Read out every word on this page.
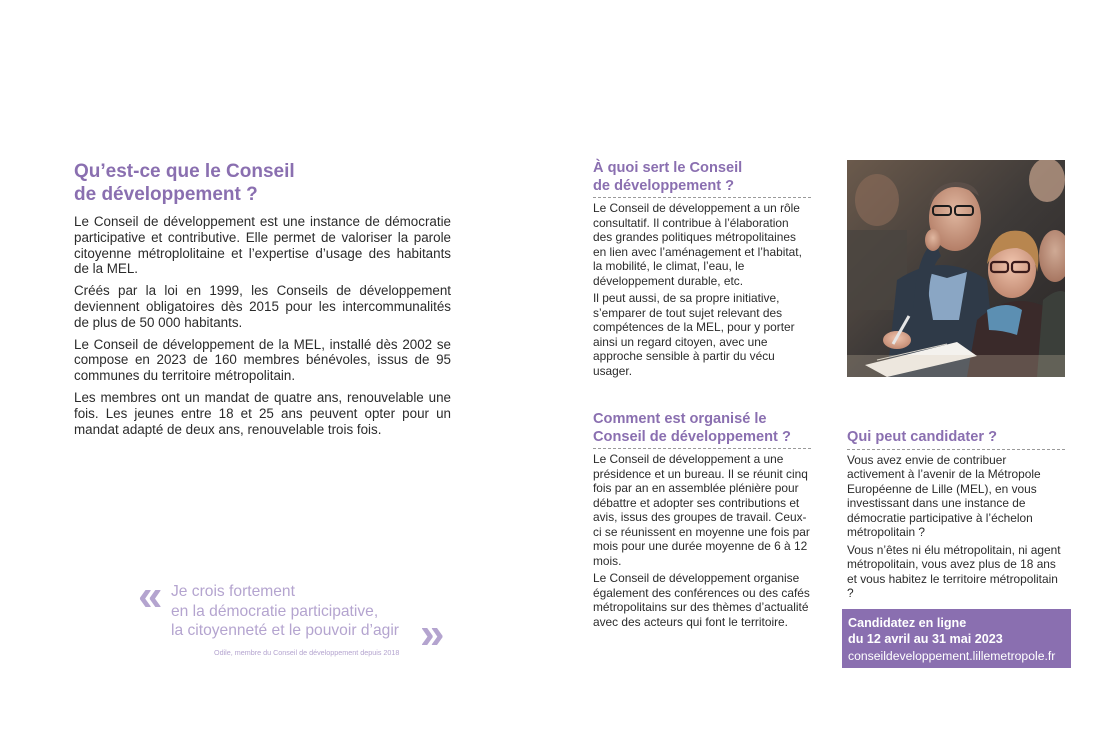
Qu’est-ce que le Conseil
de développement ?

Le Conseil de développement est une instance de démocratie participative et contributive. Elle permet de valoriser la parole citoyenne métroplolitaine et l’expertise d’usage des habitants de la MEL.

Créés par la loi en 1999, les Conseils de développement deviennent obligatoires dès 2015 pour les intercommunalités de plus de 50 000 habitants.

Le Conseil de développement de la MEL, installé dès 2002 se compose en 2023 de 160 membres bénévoles, issus de 95 communes du territoire métropolitain.

Les membres ont un mandat de quatre ans, renouvelable une fois. Les jeunes entre 18 et 25 ans peuvent opter pour un mandat adapté de deux ans, renouvelable trois fois.

« Je crois fortement
en la démocratie participative,
la citoyenneté et le pouvoir d’agir »
Odile, membre du Conseil de développement depuis 2018
À quoi sert le Conseil
de développement ?

Le Conseil de développement a un rôle consultatif. Il contribue à l’élaboration des grandes politiques métropolitaines en lien avec l’aménagement et l’habitat, la mobilité, le climat, l’eau, le développement durable, etc.

Il peut aussi, de sa propre initiative, s’emparer de tout sujet relevant des compétences de la MEL, pour y porter ainsi un regard citoyen, avec une approche sensible à partir du vécu usager.

Comment est organisé le
Conseil de développement ?

Le Conseil de développement a une présidence et un bureau. Il se réunit cinq fois par an en assemblée plénière pour débattre et adopter ses contributions et avis, issus des groupes de travail. Ceux-ci se réunissent en moyenne une fois par mois pour une durée moyenne de 6 à 12 mois.

Le Conseil de développement organise également des conférences ou des cafés métropolitains sur des thèmes d’actualité avec des acteurs qui font le territoire.

Qui peut candidater ?

Vous avez envie de contribuer activement à l’avenir de la Métropole Européenne de Lille (MEL), en vous investissant dans une instance de démocratie participative à l’échelon métropolitain ?

Vous n’êtes ni élu métropolitain, ni agent métropolitain, vous avez plus de 18 ans et vous habitez le territoire métropolitain ?

Candidatez en ligne
du 12 avril au 31 mai 2023
conseildeveloppement.lillemetropole.fr
